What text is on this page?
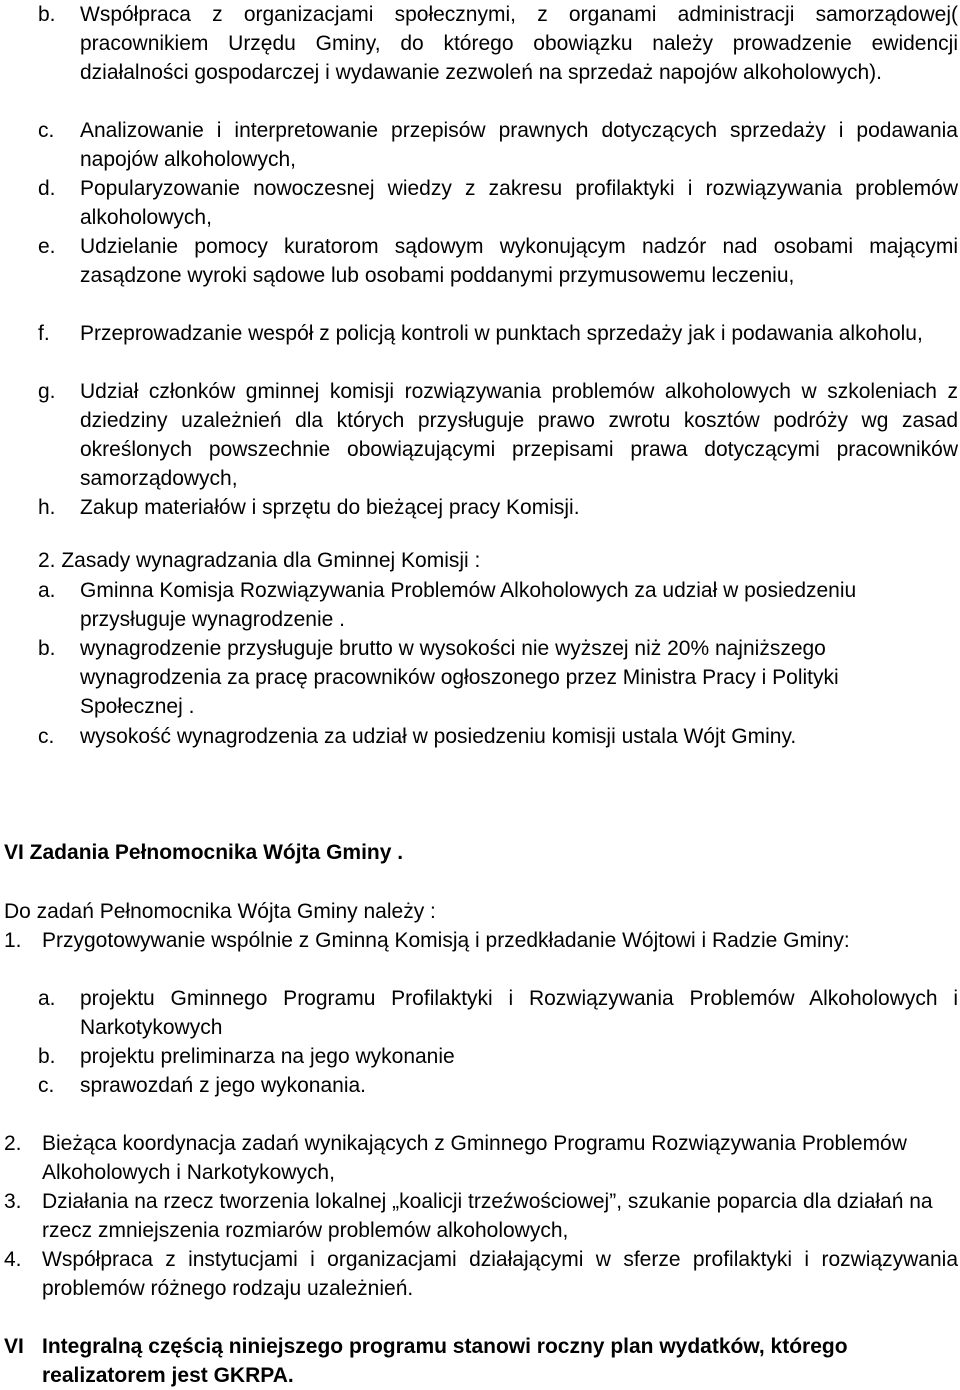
b. Współpraca z organizacjami społecznymi, z organami administracji samorządowej( pracownikiem Urzędu Gminy, do którego obowiązku należy prowadzenie ewidencji działalności gospodarczej i wydawanie zezwoleń na sprzedaż napojów alkoholowych).
c. Analizowanie i interpretowanie przepisów prawnych dotyczących sprzedaży i podawania napojów alkoholowych,
d. Popularyzowanie nowoczesnej wiedzy z zakresu profilaktyki i rozwiązywania problemów alkoholowych,
e. Udzielanie pomocy kuratorom sądowym wykonującym nadzór nad osobami mającymi zasądzone wyroki sądowe lub osobami poddanymi przymusowemu leczeniu,
f. Przeprowadzanie wespół z policją kontroli w punktach sprzedaży jak i podawania alkoholu,
g. Udział członków gminnej komisji rozwiązywania problemów alkoholowych w szkoleniach z dziedziny uzależnień dla których przysługuje prawo zwrotu kosztów podróży wg zasad określonych powszechnie obowiązującymi przepisami prawa dotyczącymi pracowników samorządowych,
h. Zakup materiałów i sprzętu do bieżącej pracy Komisji.
2. Zasady wynagradzania dla Gminnej Komisji :
a. Gminna Komisja Rozwiązywania Problemów Alkoholowych za udział w posiedzeniu przysługuje wynagrodzenie .
b. wynagrodzenie przysługuje brutto w wysokości nie wyższej niż 20% najniższego wynagrodzenia za pracę pracowników ogłoszonego przez Ministra Pracy i Polityki Społecznej .
c. wysokość wynagrodzenia za udział w posiedzeniu komisji ustala Wójt Gminy.
VI Zadania Pełnomocnika Wójta Gminy .
Do zadań Pełnomocnika Wójta Gminy należy :
1. Przygotowywanie wspólnie z Gminną Komisją i przedkładanie Wójtowi i Radzie Gminy:
a. projektu Gminnego Programu Profilaktyki i Rozwiązywania Problemów Alkoholowych i Narkotykowych
b. projektu preliminarza na jego wykonanie
c. sprawozdań z jego wykonania.
2. Bieżąca koordynacja zadań wynikających z Gminnego Programu Rozwiązywania Problemów Alkoholowych i Narkotykowych,
3. Działania na rzecz tworzenia lokalnej „koalicji trzeźwościowej”, szukanie poparcia dla działań na rzecz zmniejszenia rozmiarów problemów alkoholowych,
4. Współpraca z instytucjami i organizacjami działającymi w sferze profilaktyki i rozwiązywania problemów różnego rodzaju uzależnień.
VI Integralną częścią niniejszego programu stanowi roczny plan wydatków, którego realizatorem jest GKRPA.
